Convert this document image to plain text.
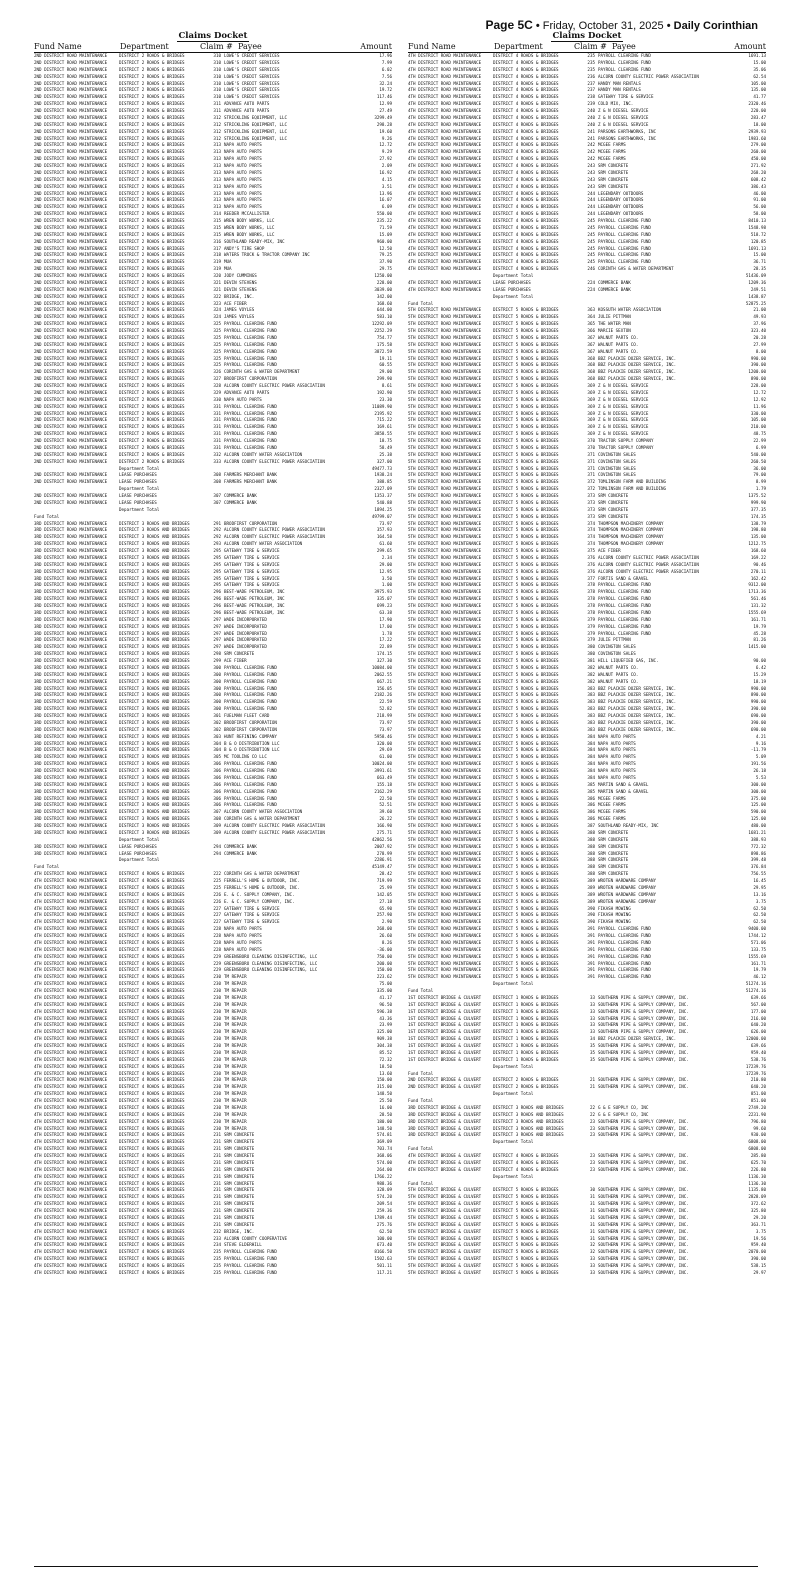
Page 5C • Friday, October 31, 2025 • Daily Corinthian
Claims Docket
Fund Name	Department	Claim # Payee	Amount
2ND DISTRICT ROAD MAINTENANCE	DISTRICT 2 ROADS & BRIDGES	310 LOWE'S CREDIT SERVICES	17.96
2ND DISTRICT ROAD MAINTENANCE	DISTRICT 2 ROADS & BRIDGES	310 LOWE'S CREDIT SERVICES	7.99
2ND DISTRICT ROAD MAINTENANCE	DISTRICT 2 ROADS & BRIDGES	310 LOWE'S CREDIT SERVICES	6.02
2ND DISTRICT ROAD MAINTENANCE	DISTRICT 2 ROADS & BRIDGES	310 LOWE'S CREDIT SERVICES	7.56
2ND DISTRICT ROAD MAINTENANCE	DISTRICT 2 ROADS & BRIDGES	310 LOWE'S CREDIT SERVICES	32.24
2ND DISTRICT ROAD MAINTENANCE	DISTRICT 2 ROADS & BRIDGES	310 LOWE'S CREDIT SERVICES	19.72
2ND DISTRICT ROAD MAINTENANCE	DISTRICT 2 ROADS & BRIDGES	310 LOWE'S CREDIT SERVICES	117.46
2ND DISTRICT ROAD MAINTENANCE	DISTRICT 2 ROADS & BRIDGES	311 ADVANCE AUTO PARTS	12.99
2ND DISTRICT ROAD MAINTENANCE	DISTRICT 2 ROADS & BRIDGES	311 ADVANCE AUTO PARTS	27.49
2ND DISTRICT ROAD MAINTENANCE	DISTRICT 2 ROADS & BRIDGES	312 STRICKLING EQUIPMENT, LLC	3299.49
2ND DISTRICT ROAD MAINTENANCE	DISTRICT 2 ROADS & BRIDGES	312 STRICKLING EQUIPMENT, LLC	298.28
2ND DISTRICT ROAD MAINTENANCE	DISTRICT 2 ROADS & BRIDGES	312 STRICKLING EQUIPMENT, LLC	19.60
2ND DISTRICT ROAD MAINTENANCE	DISTRICT 2 ROADS & BRIDGES	312 STRICKLING EQUIPMENT, LLC	9.26
2ND DISTRICT ROAD MAINTENANCE	DISTRICT 2 ROADS & BRIDGES	313 NAPA AUTO PARTS	12.72
2ND DISTRICT ROAD MAINTENANCE	DISTRICT 2 ROADS & BRIDGES	313 NAPA AUTO PARTS	9.29
2ND DISTRICT ROAD MAINTENANCE	DISTRICT 2 ROADS & BRIDGES	313 NAPA AUTO PARTS	27.92
2ND DISTRICT ROAD MAINTENANCE	DISTRICT 2 ROADS & BRIDGES	313 NAPA AUTO PARTS	2.09
2ND DISTRICT ROAD MAINTENANCE	DISTRICT 2 ROADS & BRIDGES	313 NAPA AUTO PARTS	16.92
2ND DISTRICT ROAD MAINTENANCE	DISTRICT 2 ROADS & BRIDGES	313 NAPA AUTO PARTS	4.15
2ND DISTRICT ROAD MAINTENANCE	DISTRICT 2 ROADS & BRIDGES	313 NAPA AUTO PARTS	3.51
2ND DISTRICT ROAD MAINTENANCE	DISTRICT 2 ROADS & BRIDGES	313 NAPA AUTO PARTS	13.96
2ND DISTRICT ROAD MAINTENANCE	DISTRICT 2 ROADS & BRIDGES	313 NAPA AUTO PARTS	16.07
2ND DISTRICT ROAD MAINTENANCE	DISTRICT 2 ROADS & BRIDGES	313 NAPA AUTO PARTS	6.09
2ND DISTRICT ROAD MAINTENANCE	DISTRICT 2 ROADS & BRIDGES	314 REEDER MCCALLISTER	550.00
2ND DISTRICT ROAD MAINTENANCE	DISTRICT 2 ROADS & BRIDGES	315 WREN BODY WORKS, LLC	235.22
2ND DISTRICT ROAD MAINTENANCE	DISTRICT 2 ROADS & BRIDGES	315 WREN BODY WORKS, LLC	71.59
2ND DISTRICT ROAD MAINTENANCE	DISTRICT 2 ROADS & BRIDGES	315 WREN BODY WORKS, LLC	15.09
2ND DISTRICT ROAD MAINTENANCE	DISTRICT 2 ROADS & BRIDGES	316 SOUTHLAND READY-MIX, INC	960.00
2ND DISTRICT ROAD MAINTENANCE	DISTRICT 2 ROADS & BRIDGES	317 ANDY'S TIRE SHOP	12.50
2ND DISTRICT ROAD MAINTENANCE	DISTRICT 2 ROADS & BRIDGES	318 WATERS TRUCK & TRACTOR COMPANY INC	79.25
2ND DISTRICT ROAD MAINTENANCE	DISTRICT 2 ROADS & BRIDGES	319 MUA	37.90
2ND DISTRICT ROAD MAINTENANCE	DISTRICT 2 ROADS & BRIDGES	319 MUA	29.75
2ND DISTRICT ROAD MAINTENANCE	DISTRICT 2 ROADS & BRIDGES	320 JODY CUMMINGS	1250.00
2ND DISTRICT ROAD MAINTENANCE	DISTRICT 2 ROADS & BRIDGES	321 DEVIN STEVENS	228.00
2ND DISTRICT ROAD MAINTENANCE	DISTRICT 2 ROADS & BRIDGES	321 DEVIN STEVENS	3039.00
2ND DISTRICT ROAD MAINTENANCE	DISTRICT 2 ROADS & BRIDGES	322 BRIDGE, INC.	342.00
2ND DISTRICT ROAD MAINTENANCE	DISTRICT 2 ROADS & BRIDGES	323 ACE FIBER	168.60
2ND DISTRICT ROAD MAINTENANCE	DISTRICT 2 ROADS & BRIDGES	324 JAMES VOYLES	644.00
2ND DISTRICT ROAD MAINTENANCE	DISTRICT 2 ROADS & BRIDGES	324 JAMES VOYLES	583.10
2ND DISTRICT ROAD MAINTENANCE	DISTRICT 2 ROADS & BRIDGES	325 PAYROLL CLEARING FUND	12292.09
2ND DISTRICT ROAD MAINTENANCE	DISTRICT 2 ROADS & BRIDGES	325 PAYROLL CLEARING FUND	2252.29
2ND DISTRICT ROAD MAINTENANCE	DISTRICT 2 ROADS & BRIDGES	325 PAYROLL CLEARING FUND	754.77
2ND DISTRICT ROAD MAINTENANCE	DISTRICT 2 ROADS & BRIDGES	325 PAYROLL CLEARING FUND	175.58
2ND DISTRICT ROAD MAINTENANCE	DISTRICT 2 ROADS & BRIDGES	325 PAYROLL CLEARING FUND	3872.59
2ND DISTRICT ROAD MAINTENANCE	DISTRICT 2 ROADS & BRIDGES	325 PAYROLL CLEARING FUND	19.11
2ND DISTRICT ROAD MAINTENANCE	DISTRICT 2 ROADS & BRIDGES	325 PAYROLL CLEARING FUND	60.55
2ND DISTRICT ROAD MAINTENANCE	DISTRICT 2 ROADS & BRIDGES	326 CORINTH GAS & WATER DEPARTMENT	29.00
2ND DISTRICT ROAD MAINTENANCE	DISTRICT 2 ROADS & BRIDGES	327 BRODFIRST CORPORATION	299.90
2ND DISTRICT ROAD MAINTENANCE	DISTRICT 2 ROADS & BRIDGES	328 ALCORN COUNTY ELECTRIC POWER ASSOCIATION	8.61
2ND DISTRICT ROAD MAINTENANCE	DISTRICT 2 ROADS & BRIDGES	329 ADVANCE AUTO PARTS	192.90
2ND DISTRICT ROAD MAINTENANCE	DISTRICT 2 ROADS & BRIDGES	330 NAPA AUTO PARTS	23.30
2ND DISTRICT ROAD MAINTENANCE	DISTRICT 2 ROADS & BRIDGES	331 PAYROLL CLEARING FUND	11089.90
2ND DISTRICT ROAD MAINTENANCE	DISTRICT 2 ROADS & BRIDGES	331 PAYROLL CLEARING FUND	2195.92
2ND DISTRICT ROAD MAINTENANCE	DISTRICT 2 ROADS & BRIDGES	331 PAYROLL CLEARING FUND	715.22
2ND DISTRICT ROAD MAINTENANCE	DISTRICT 2 ROADS & BRIDGES	331 PAYROLL CLEARING FUND	169.61
2ND DISTRICT ROAD MAINTENANCE	DISTRICT 2 ROADS & BRIDGES	331 PAYROLL CLEARING FUND	3858.55
2ND DISTRICT ROAD MAINTENANCE	DISTRICT 2 ROADS & BRIDGES	331 PAYROLL CLEARING FUND	18.75
2ND DISTRICT ROAD MAINTENANCE	DISTRICT 2 ROADS & BRIDGES	331 PAYROLL CLEARING FUND	58.49
2ND DISTRICT ROAD MAINTENANCE	DISTRICT 2 ROADS & BRIDGES	332 ALCORN COUNTY WATER ASSOCIATION	25.38
2ND DISTRICT ROAD MAINTENANCE	DISTRICT 2 ROADS & BRIDGES	333 ALCORN COUNTY ELECTRIC POWER ASSOCIATION	327.00
Department Total	49477.73
2ND DISTRICT ROAD MAINTENANCE	LEASE PURCHASES	308 FARMERS MERCHANT BANK	1938.24
2ND DISTRICT ROAD MAINTENANCE	LEASE PURCHASES	308 FARMERS MERCHANT BANK	388.85
Department Total	2327.09
2ND DISTRICT ROAD MAINTENANCE	LEASE PURCHASES	307 COMMERCE BANK	1353.37
2ND DISTRICT ROAD MAINTENANCE	LEASE PURCHASES	307 COMMERCE BANK	540.88
Department Total	1894.25
Fund Total	49799.07
3RD DISTRICT ROAD MAINTENANCE	DISTRICT 3 ROADS AND BRIDGES	291 BRODFIRST CORPORATION	73.97
3RD DISTRICT ROAD MAINTENANCE	DISTRICT 3 ROADS AND BRIDGES	292 ALCORN COUNTY ELECTRIC POWER ASSOCIATION	357.93
3RD DISTRICT ROAD MAINTENANCE	DISTRICT 3 ROADS AND BRIDGES	292 ALCORN COUNTY ELECTRIC POWER ASSOCIATION	164.58
3RD DISTRICT ROAD MAINTENANCE	DISTRICT 3 ROADS AND BRIDGES	293 ALCORN COUNTY WATER ASSOCIATION	61.60
3RD DISTRICT ROAD MAINTENANCE	DISTRICT 3 ROADS AND BRIDGES	295 GATEWAY TIRE & SERVICE	299.65
3RD DISTRICT ROAD MAINTENANCE	DISTRICT 3 ROADS AND BRIDGES	295 GATEWAY TIRE & SERVICE	2.34
3RD DISTRICT ROAD MAINTENANCE	DISTRICT 3 ROADS AND BRIDGES	295 GATEWAY TIRE & SERVICE	29.00
3RD DISTRICT ROAD MAINTENANCE	DISTRICT 3 ROADS AND BRIDGES	295 GATEWAY TIRE & SERVICE	12.95
3RD DISTRICT ROAD MAINTENANCE	DISTRICT 3 ROADS AND BRIDGES	295 GATEWAY TIRE & SERVICE	3.50
3RD DISTRICT ROAD MAINTENANCE	DISTRICT 3 ROADS AND BRIDGES	295 GATEWAY TIRE & SERVICE	1.00
3RD DISTRICT ROAD MAINTENANCE	DISTRICT 3 ROADS AND BRIDGES	296 BEST-WADE PETROLEUM, INC	3975.93
3RD DISTRICT ROAD MAINTENANCE	DISTRICT 3 ROADS AND BRIDGES	296 BEST-WADE PETROLEUM, INC	335.07
3RD DISTRICT ROAD MAINTENANCE	DISTRICT 3 ROADS AND BRIDGES	296 BEST-WADE PETROLEUM, INC	699.23
3RD DISTRICT ROAD MAINTENANCE	DISTRICT 3 ROADS AND BRIDGES	296 BEST-WADE PETROLEUM, INC	63.38
3RD DISTRICT ROAD MAINTENANCE	DISTRICT 3 ROADS AND BRIDGES	297 WADE INCORPORATED	17.90
3RD DISTRICT ROAD MAINTENANCE	DISTRICT 3 ROADS AND BRIDGES	297 WADE INCORPORATED	17.00
3RD DISTRICT ROAD MAINTENANCE	DISTRICT 3 ROADS AND BRIDGES	297 WADE INCORPORATED	1.78
3RD DISTRICT ROAD MAINTENANCE	DISTRICT 3 ROADS AND BRIDGES	297 WADE INCORPORATED	17.22
3RD DISTRICT ROAD MAINTENANCE	DISTRICT 3 ROADS AND BRIDGES	297 WADE INCORPORATED	22.89
3RD DISTRICT ROAD MAINTENANCE	DISTRICT 3 ROADS AND BRIDGES	298 SRM CONCRETE	174.15
3RD DISTRICT ROAD MAINTENANCE	DISTRICT 3 ROADS AND BRIDGES	299 ACE FIBER	327.30
3RD DISTRICT ROAD MAINTENANCE	DISTRICT 3 ROADS AND BRIDGES	300 PAYROLL CLEARING FUND	10084.00
3RD DISTRICT ROAD MAINTENANCE	DISTRICT 3 ROADS AND BRIDGES	300 PAYROLL CLEARING FUND	2062.55
3RD DISTRICT ROAD MAINTENANCE	DISTRICT 3 ROADS AND BRIDGES	300 PAYROLL CLEARING FUND	667.21
3RD DISTRICT ROAD MAINTENANCE	DISTRICT 3 ROADS AND BRIDGES	300 PAYROLL CLEARING FUND	156.05
3RD DISTRICT ROAD MAINTENANCE	DISTRICT 3 ROADS AND BRIDGES	300 PAYROLL CLEARING FUND	2182.26
3RD DISTRICT ROAD MAINTENANCE	DISTRICT 3 ROADS AND BRIDGES	300 PAYROLL CLEARING FUND	22.59
3RD DISTRICT ROAD MAINTENANCE	DISTRICT 3 ROADS AND BRIDGES	300 PAYROLL CLEARING FUND	52.82
3RD DISTRICT ROAD MAINTENANCE	DISTRICT 3 ROADS AND BRIDGES	301 FUELMAN FLEET CARD	218.99
3RD DISTRICT ROAD MAINTENANCE	DISTRICT 3 ROADS AND BRIDGES	302 BRODFIRST CORPORATION	73.97
3RD DISTRICT ROAD MAINTENANCE	DISTRICT 3 ROADS AND BRIDGES	302 BRODFIRST CORPORATION	73.97
3RD DISTRICT ROAD MAINTENANCE	DISTRICT 3 ROADS AND BRIDGES	303 HUNT REFINING COMPANY	5958.46
3RD DISTRICT ROAD MAINTENANCE	DISTRICT 3 ROADS AND BRIDGES	304 B & O DISTRIBUTION LLC	320.00
3RD DISTRICT ROAD MAINTENANCE	DISTRICT 3 ROADS AND BRIDGES	304 B & O DISTRIBUTION LLC	29.69
3RD DISTRICT ROAD MAINTENANCE	DISTRICT 3 ROADS AND BRIDGES	305 MC TOOLING CO LLC	61.00
3RD DISTRICT ROAD MAINTENANCE	DISTRICT 3 ROADS AND BRIDGES	306 PAYROLL CLEARING FUND	10024.00
3RD DISTRICT ROAD MAINTENANCE	DISTRICT 3 ROADS AND BRIDGES	306 PAYROLL CLEARING FUND	3991.61
3RD DISTRICT ROAD MAINTENANCE	DISTRICT 3 ROADS AND BRIDGES	306 PAYROLL CLEARING FUND	663.49
3RD DISTRICT ROAD MAINTENANCE	DISTRICT 3 ROADS AND BRIDGES	306 PAYROLL CLEARING FUND	155.18
3RD DISTRICT ROAD MAINTENANCE	DISTRICT 3 ROADS AND BRIDGES	306 PAYROLL CLEARING FUND	2162.29
3RD DISTRICT ROAD MAINTENANCE	DISTRICT 3 ROADS AND BRIDGES	306 PAYROLL CLEARING FUND	22.50
3RD DISTRICT ROAD MAINTENANCE	DISTRICT 3 ROADS AND BRIDGES	306 PAYROLL CLEARING FUND	52.51
3RD DISTRICT ROAD MAINTENANCE	DISTRICT 3 ROADS AND BRIDGES	307 ALCORN COUNTY WATER ASSOCIATION	39.60
3RD DISTRICT ROAD MAINTENANCE	DISTRICT 3 ROADS AND BRIDGES	308 CORINTH GAS & WATER DEPARTMENT	26.22
3RD DISTRICT ROAD MAINTENANCE	DISTRICT 3 ROADS AND BRIDGES	309 ALCORN COUNTY ELECTRIC POWER ASSOCIATION	166.90
3RD DISTRICT ROAD MAINTENANCE	DISTRICT 3 ROADS AND BRIDGES	309 ALCORN COUNTY ELECTRIC POWER ASSOCIATION	275.71
Department Total	42862.56
3RD DISTRICT ROAD MAINTENANCE	LEASE PURCHASES	294 COMMERCE BANK	2007.92
3RD DISTRICT ROAD MAINTENANCE	LEASE PURCHASES	294 COMMERCE BANK	278.99
Department Total	2286.91
Fund Total	45149.47
4TH DISTRICT ROAD MAINTENANCE	DISTRICT 4 ROADS & BRIDGES	222 CORINTH GAS & WATER DEPARTMENT	28.42
4TH DISTRICT ROAD MAINTENANCE	DISTRICT 4 ROADS & BRIDGES	225 FERRELL'S HOME & OUTDOOR, INC.	719.99
4TH DISTRICT ROAD MAINTENANCE	DISTRICT 4 ROADS & BRIDGES	225 FERRELL'S HOME & OUTDOOR, INC.	25.99
4TH DISTRICT ROAD MAINTENANCE	DISTRICT 4 ROADS & BRIDGES	226 E. & C. SUPPLY COMPANY, INC.	142.05
4TH DISTRICT ROAD MAINTENANCE	DISTRICT 4 ROADS & BRIDGES	226 E. & C. SUPPLY COMPANY, INC.	27.18
4TH DISTRICT ROAD MAINTENANCE	DISTRICT 4 ROADS & BRIDGES	227 GATEWAY TIRE & SERVICE	65.90
4TH DISTRICT ROAD MAINTENANCE	DISTRICT 4 ROADS & BRIDGES	227 GATEWAY TIRE & SERVICE	257.90
4TH DISTRICT ROAD MAINTENANCE	DISTRICT 4 ROADS & BRIDGES	227 GATEWAY TIRE & SERVICE	2.90
4TH DISTRICT ROAD MAINTENANCE	DISTRICT 4 ROADS & BRIDGES	228 NAPA AUTO PARTS	268.00
4TH DISTRICT ROAD MAINTENANCE	DISTRICT 4 ROADS & BRIDGES	228 NAPA AUTO PARTS	26.60
4TH DISTRICT ROAD MAINTENANCE	DISTRICT 4 ROADS & BRIDGES	228 NAPA AUTO PARTS	8.26
4TH DISTRICT ROAD MAINTENANCE	DISTRICT 4 ROADS & BRIDGES	228 NAPA AUTO PARTS	-36.00
4TH DISTRICT ROAD MAINTENANCE	DISTRICT 4 ROADS & BRIDGES	229 GREENSBORO CLEANING DISINFECTING, LLC	750.00
4TH DISTRICT ROAD MAINTENANCE	DISTRICT 4 ROADS & BRIDGES	229 GREENSBORO CLEANING DISINFECTING, LLC	200.00
4TH DISTRICT ROAD MAINTENANCE	DISTRICT 4 ROADS & BRIDGES	229 GREENSBORO CLEANING DISINFECTING, LLC	150.00
4TH DISTRICT ROAD MAINTENANCE	DISTRICT 4 ROADS & BRIDGES	230 TM REPAIR	223.62
4TH DISTRICT ROAD MAINTENANCE	DISTRICT 4 ROADS & BRIDGES	230 TM REPAIR	75.00
4TH DISTRICT ROAD MAINTENANCE	DISTRICT 4 ROADS & BRIDGES	230 TM REPAIR	335.00
4TH DISTRICT ROAD MAINTENANCE	DISTRICT 4 ROADS & BRIDGES	230 TM REPAIR	41.17
4TH DISTRICT ROAD MAINTENANCE	DISTRICT 4 ROADS & BRIDGES	230 TM REPAIR	96.50
4TH DISTRICT ROAD MAINTENANCE	DISTRICT 4 ROADS & BRIDGES	230 TM REPAIR	596.38
4TH DISTRICT ROAD MAINTENANCE	DISTRICT 4 ROADS & BRIDGES	230 TM REPAIR	43.36
4TH DISTRICT ROAD MAINTENANCE	DISTRICT 4 ROADS & BRIDGES	230 TM REPAIR	23.99
4TH DISTRICT ROAD MAINTENANCE	DISTRICT 4 ROADS & BRIDGES	230 TM REPAIR	325.00
4TH DISTRICT ROAD MAINTENANCE	DISTRICT 4 ROADS & BRIDGES	230 TM REPAIR	909.38
4TH DISTRICT ROAD MAINTENANCE	DISTRICT 4 ROADS & BRIDGES	230 TM REPAIR	304.38
4TH DISTRICT ROAD MAINTENANCE	DISTRICT 4 ROADS & BRIDGES	230 TM REPAIR	85.52
4TH DISTRICT ROAD MAINTENANCE	DISTRICT 4 ROADS & BRIDGES	230 TM REPAIR	72.32
4TH DISTRICT ROAD MAINTENANCE	DISTRICT 4 ROADS & BRIDGES	230 TM REPAIR	18.50
4TH DISTRICT ROAD MAINTENANCE	DISTRICT 4 ROADS & BRIDGES	230 TM REPAIR	13.60
4TH DISTRICT ROAD MAINTENANCE	DISTRICT 4 ROADS & BRIDGES	230 TM REPAIR	150.00
4TH DISTRICT ROAD MAINTENANCE	DISTRICT 4 ROADS & BRIDGES	230 TM REPAIR	315.00
4TH DISTRICT ROAD MAINTENANCE	DISTRICT 4 ROADS & BRIDGES	230 TM REPAIR	148.50
4TH DISTRICT ROAD MAINTENANCE	DISTRICT 4 ROADS & BRIDGES	230 TM REPAIR	25.50
4TH DISTRICT ROAD MAINTENANCE	DISTRICT 4 ROADS & BRIDGES	230 TM REPAIR	16.00
4TH DISTRICT ROAD MAINTENANCE	DISTRICT 4 ROADS & BRIDGES	230 TM REPAIR	28.50
4TH DISTRICT ROAD MAINTENANCE	DISTRICT 4 ROADS & BRIDGES	230 TM REPAIR	180.00
4TH DISTRICT ROAD MAINTENANCE	DISTRICT 4 ROADS & BRIDGES	230 TM REPAIR	148.50
4TH DISTRICT ROAD MAINTENANCE	DISTRICT 4 ROADS & BRIDGES	231 SRM CONCRETE	574.81
4TH DISTRICT ROAD MAINTENANCE	DISTRICT 4 ROADS & BRIDGES	231 SRM CONCRETE	369.09
4TH DISTRICT ROAD MAINTENANCE	DISTRICT 4 ROADS & BRIDGES	231 SRM CONCRETE	703.74
4TH DISTRICT ROAD MAINTENANCE	DISTRICT 4 ROADS & BRIDGES	231 SRM CONCRETE	368.06
4TH DISTRICT ROAD MAINTENANCE	DISTRICT 4 ROADS & BRIDGES	231 SRM CONCRETE	574.00
4TH DISTRICT ROAD MAINTENANCE	DISTRICT 4 ROADS & BRIDGES	231 SRM CONCRETE	264.00
4TH DISTRICT ROAD MAINTENANCE	DISTRICT 4 ROADS & BRIDGES	231 SRM CONCRETE	1766.22
4TH DISTRICT ROAD MAINTENANCE	DISTRICT 4 ROADS & BRIDGES	231 SRM CONCRETE	988.36
4TH DISTRICT ROAD MAINTENANCE	DISTRICT 4 ROADS & BRIDGES	231 SRM CONCRETE	328.09
4TH DISTRICT ROAD MAINTENANCE	DISTRICT 4 ROADS & BRIDGES	231 SRM CONCRETE	574.20
4TH DISTRICT ROAD MAINTENANCE	DISTRICT 4 ROADS & BRIDGES	231 SRM CONCRETE	209.54
4TH DISTRICT ROAD MAINTENANCE	DISTRICT 4 ROADS & BRIDGES	231 SRM CONCRETE	259.36
4TH DISTRICT ROAD MAINTENANCE	DISTRICT 4 ROADS & BRIDGES	231 SRM CONCRETE	1789.44
4TH DISTRICT ROAD MAINTENANCE	DISTRICT 4 ROADS & BRIDGES	231 SRM CONCRETE	275.76
4TH DISTRICT ROAD MAINTENANCE	DISTRICT 4 ROADS & BRIDGES	232 BRIDGE, INC.	62.50
4TH DISTRICT ROAD MAINTENANCE	DISTRICT 4 ROADS & BRIDGES	233 ALCORN COUNTY COOPERATIVE	100.00
4TH DISTRICT ROAD MAINTENANCE	DISTRICT 4 ROADS & BRIDGES	234 STEVE ELDERHILL	673.40
4TH DISTRICT ROAD MAINTENANCE	DISTRICT 4 ROADS & BRIDGES	235 PAYROLL CLEARING FUND	8166.50
4TH DISTRICT ROAD MAINTENANCE	DISTRICT 4 ROADS & BRIDGES	235 PAYROLL CLEARING FUND	1502.63
4TH DISTRICT ROAD MAINTENANCE	DISTRICT 4 ROADS & BRIDGES	235 PAYROLL CLEARING FUND	501.11
4TH DISTRICT ROAD MAINTENANCE	DISTRICT 4 ROADS & BRIDGES	235 PAYROLL CLEARING FUND	117.21
Claims Docket
Fund Name	Department	Claim # Payee	Amount
4TH DISTRICT ROAD MAINTENANCE	DISTRICT 4 ROADS & BRIDGES	235 PAYROLL CLEARING FUND	1691.13
4TH DISTRICT ROAD MAINTENANCE	DISTRICT 4 ROADS & BRIDGES	235 PAYROLL CLEARING FUND	15.00
4TH DISTRICT ROAD MAINTENANCE	DISTRICT 4 ROADS & BRIDGES	235 PAYROLL CLEARING FUND	35.06
4TH DISTRICT ROAD MAINTENANCE	DISTRICT 4 ROADS & BRIDGES	236 ALCORN COUNTY ELECTRIC POWER ASSOCIATION	62.54
4TH DISTRICT ROAD MAINTENANCE	DISTRICT 4 ROADS & BRIDGES	237 HANDY MAN RENTALS	105.00
4TH DISTRICT ROAD MAINTENANCE	DISTRICT 4 ROADS & BRIDGES	237 HANDY MAN RENTALS	135.00
4TH DISTRICT ROAD MAINTENANCE	DISTRICT 4 ROADS & BRIDGES	238 GATEWAY TIRE & SERVICE	41.77
4TH DISTRICT ROAD MAINTENANCE	DISTRICT 4 ROADS & BRIDGES	239 COLD MIX, INC.	2320.46
4TH DISTRICT ROAD MAINTENANCE	DISTRICT 4 ROADS & BRIDGES	240 Z & N DIESEL SERVICE	220.00
4TH DISTRICT ROAD MAINTENANCE	DISTRICT 4 ROADS & BRIDGES	240 Z & N DIESEL SERVICE	283.47
4TH DISTRICT ROAD MAINTENANCE	DISTRICT 4 ROADS & BRIDGES	240 Z & N DIESEL SERVICE	18.00
4TH DISTRICT ROAD MAINTENANCE	DISTRICT 4 ROADS & BRIDGES	241 PARSONS EARTHWORKS, INC	2939.93
4TH DISTRICT ROAD MAINTENANCE	DISTRICT 4 ROADS & BRIDGES	241 PARSONS EARTHWORKS, INC	1983.60
4TH DISTRICT ROAD MAINTENANCE	DISTRICT 4 ROADS & BRIDGES	242 MCGEE FARMS	279.00
4TH DISTRICT ROAD MAINTENANCE	DISTRICT 4 ROADS & BRIDGES	242 MCGEE FARMS	260.00
4TH DISTRICT ROAD MAINTENANCE	DISTRICT 4 ROADS & BRIDGES	242 MCGEE FARMS	450.00
4TH DISTRICT ROAD MAINTENANCE	DISTRICT 4 ROADS & BRIDGES	243 SRM CONCRETE	271.92
4TH DISTRICT ROAD MAINTENANCE	DISTRICT 4 ROADS & BRIDGES	243 SRM CONCRETE	268.20
4TH DISTRICT ROAD MAINTENANCE	DISTRICT 4 ROADS & BRIDGES	243 SRM CONCRETE	608.42
4TH DISTRICT ROAD MAINTENANCE	DISTRICT 4 ROADS & BRIDGES	243 SRM CONCRETE	386.43
4TH DISTRICT ROAD MAINTENANCE	DISTRICT 4 ROADS & BRIDGES	244 LEGENDARY OUTDOORS	46.00
4TH DISTRICT ROAD MAINTENANCE	DISTRICT 4 ROADS & BRIDGES	244 LEGENDARY OUTDOORS	91.00
4TH DISTRICT ROAD MAINTENANCE	DISTRICT 4 ROADS & BRIDGES	244 LEGENDARY OUTDOORS	56.00
4TH DISTRICT ROAD MAINTENANCE	DISTRICT 4 ROADS & BRIDGES	244 LEGENDARY OUTDOORS	58.00
4TH DISTRICT ROAD MAINTENANCE	DISTRICT 4 ROADS & BRIDGES	245 PAYROLL CLEARING FUND	8410.13
4TH DISTRICT ROAD MAINTENANCE	DISTRICT 4 ROADS & BRIDGES	245 PAYROLL CLEARING FUND	1548.98
4TH DISTRICT ROAD MAINTENANCE	DISTRICT 4 ROADS & BRIDGES	245 PAYROLL CLEARING FUND	518.72
4TH DISTRICT ROAD MAINTENANCE	DISTRICT 4 ROADS & BRIDGES	245 PAYROLL CLEARING FUND	120.85
4TH DISTRICT ROAD MAINTENANCE	DISTRICT 4 ROADS & BRIDGES	245 PAYROLL CLEARING FUND	1691.13
4TH DISTRICT ROAD MAINTENANCE	DISTRICT 4 ROADS & BRIDGES	245 PAYROLL CLEARING FUND	15.00
4TH DISTRICT ROAD MAINTENANCE	DISTRICT 4 ROADS & BRIDGES	245 PAYROLL CLEARING FUND	36.71
4TH DISTRICT ROAD MAINTENANCE	DISTRICT 4 ROADS & BRIDGES	246 CORINTH GAS & WATER DEPARTMENT	28.35
Department Total	51436.09
4TH DISTRICT ROAD MAINTENANCE	LEASE PURCHASES	224 COMMERCE BANK	1209.36
4TH DISTRICT ROAD MAINTENANCE	LEASE PURCHASES	224 COMMERCE BANK	249.51
Department Total	1438.87
Fund Total	52875.25
5TH DISTRICT ROAD MAINTENANCE	DISTRICT 5 ROADS & BRIDGES	363 KOSSUTH WATER ASSOCIATION	21.00
5TH DISTRICT ROAD MAINTENANCE	DISTRICT 5 ROADS & BRIDGES	364 JULIE PITTMAN	49.93
5TH DISTRICT ROAD MAINTENANCE	DISTRICT 5 ROADS & BRIDGES	365 THE WATER MAN	37.96
5TH DISTRICT ROAD MAINTENANCE	DISTRICT 5 ROADS & BRIDGES	366 MARCIE SEXTON	323.40
5TH DISTRICT ROAD MAINTENANCE	DISTRICT 5 ROADS & BRIDGES	367 WALNUT PARTS CO.	20.28
5TH DISTRICT ROAD MAINTENANCE	DISTRICT 5 ROADS & BRIDGES	367 WALNUT PARTS CO.	27.99
5TH DISTRICT ROAD MAINTENANCE	DISTRICT 5 ROADS & BRIDGES	367 WALNUT PARTS CO.	8.00
5TH DISTRICT ROAD MAINTENANCE	DISTRICT 5 ROADS & BRIDGES	368 BBZ PLACKIE DOZER SERVICE, INC.	990.00
5TH DISTRICT ROAD MAINTENANCE	DISTRICT 5 ROADS & BRIDGES	368 BBZ PLACKIE DOZER SERVICE, INC.	390.00
5TH DISTRICT ROAD MAINTENANCE	DISTRICT 5 ROADS & BRIDGES	368 BBZ PLACKIE DOZER SERVICE, INC.	1200.00
5TH DISTRICT ROAD MAINTENANCE	DISTRICT 5 ROADS & BRIDGES	368 BBZ PLACKIE DOZER SERVICE, INC.	890.00
5TH DISTRICT ROAD MAINTENANCE	DISTRICT 5 ROADS & BRIDGES	369 Z & N DIESEL SERVICE	228.00
5TH DISTRICT ROAD MAINTENANCE	DISTRICT 5 ROADS & BRIDGES	369 Z & N DIESEL SERVICE	12.72
5TH DISTRICT ROAD MAINTENANCE	DISTRICT 5 ROADS & BRIDGES	369 Z & N DIESEL SERVICE	12.92
5TH DISTRICT ROAD MAINTENANCE	DISTRICT 5 ROADS & BRIDGES	369 Z & N DIESEL SERVICE	11.96
5TH DISTRICT ROAD MAINTENANCE	DISTRICT 5 ROADS & BRIDGES	369 Z & N DIESEL SERVICE	330.00
5TH DISTRICT ROAD MAINTENANCE	DISTRICT 5 ROADS & BRIDGES	369 Z & N DIESEL SERVICE	105.00
5TH DISTRICT ROAD MAINTENANCE	DISTRICT 5 ROADS & BRIDGES	369 Z & N DIESEL SERVICE	210.00
5TH DISTRICT ROAD MAINTENANCE	DISTRICT 5 ROADS & BRIDGES	369 Z & N DIESEL SERVICE	48.75
5TH DISTRICT ROAD MAINTENANCE	DISTRICT 5 ROADS & BRIDGES	370 TRACTOR SUPPLY COMPANY	22.99
5TH DISTRICT ROAD MAINTENANCE	DISTRICT 5 ROADS & BRIDGES	370 TRACTOR SUPPLY COMPANY	6.99
5TH DISTRICT ROAD MAINTENANCE	DISTRICT 5 ROADS & BRIDGES	371 COVINGTON SALES	540.00
5TH DISTRICT ROAD MAINTENANCE	DISTRICT 5 ROADS & BRIDGES	371 COVINGTON SALES	260.50
5TH DISTRICT ROAD MAINTENANCE	DISTRICT 5 ROADS & BRIDGES	371 COVINGTON SALES	36.00
5TH DISTRICT ROAD MAINTENANCE	DISTRICT 5 ROADS & BRIDGES	371 COVINGTON SALES	79.00
5TH DISTRICT ROAD MAINTENANCE	DISTRICT 5 ROADS & BRIDGES	372 TOMLINSON FARM AND BUILDING	8.99
5TH DISTRICT ROAD MAINTENANCE	DISTRICT 5 ROADS & BRIDGES	372 TOMLINSON FARM AND BUILDING	1.79
5TH DISTRICT ROAD MAINTENANCE	DISTRICT 5 ROADS & BRIDGES	373 SRM CONCRETE	1375.52
5TH DISTRICT ROAD MAINTENANCE	DISTRICT 5 ROADS & BRIDGES	373 SRM CONCRETE	999.90
5TH DISTRICT ROAD MAINTENANCE	DISTRICT 5 ROADS & BRIDGES	373 SRM CONCRETE	377.35
5TH DISTRICT ROAD MAINTENANCE	DISTRICT 5 ROADS & BRIDGES	373 SRM CONCRETE	174.35
5TH DISTRICT ROAD MAINTENANCE	DISTRICT 5 ROADS & BRIDGES	374 THOMPSON MACHINERY COMPANY	138.79
5TH DISTRICT ROAD MAINTENANCE	DISTRICT 5 ROADS & BRIDGES	374 THOMPSON MACHINERY COMPANY	198.80
5TH DISTRICT ROAD MAINTENANCE	DISTRICT 5 ROADS & BRIDGES	374 THOMPSON MACHINERY COMPANY	135.00
5TH DISTRICT ROAD MAINTENANCE	DISTRICT 5 ROADS & BRIDGES	374 THOMPSON MACHINERY COMPANY	1212.75
5TH DISTRICT ROAD MAINTENANCE	DISTRICT 5 ROADS & BRIDGES	375 ACE FIBER	168.60
5TH DISTRICT ROAD MAINTENANCE	DISTRICT 5 ROADS & BRIDGES	376 ALCORN COUNTY ELECTRIC POWER ASSOCIATION	169.22
5TH DISTRICT ROAD MAINTENANCE	DISTRICT 5 ROADS & BRIDGES	376 ALCORN COUNTY ELECTRIC POWER ASSOCIATION	90.46
5TH DISTRICT ROAD MAINTENANCE	DISTRICT 5 ROADS & BRIDGES	376 ALCORN COUNTY ELECTRIC POWER ASSOCIATION	270.11
5TH DISTRICT ROAD MAINTENANCE	DISTRICT 5 ROADS & BRIDGES	377 FORTIS SAND & GRAVEL	162.42
5TH DISTRICT ROAD MAINTENANCE	DISTRICT 5 ROADS & BRIDGES	378 PAYROLL CLEARING FUND	9312.00
5TH DISTRICT ROAD MAINTENANCE	DISTRICT 5 ROADS & BRIDGES	378 PAYROLL CLEARING FUND	1713.36
5TH DISTRICT ROAD MAINTENANCE	DISTRICT 5 ROADS & BRIDGES	378 PAYROLL CLEARING FUND	561.46
5TH DISTRICT ROAD MAINTENANCE	DISTRICT 5 ROADS & BRIDGES	378 PAYROLL CLEARING FUND	131.32
5TH DISTRICT ROAD MAINTENANCE	DISTRICT 5 ROADS & BRIDGES	378 PAYROLL CLEARING FUND	1555.69
5TH DISTRICT ROAD MAINTENANCE	DISTRICT 5 ROADS & BRIDGES	379 PAYROLL CLEARING FUND	161.71
5TH DISTRICT ROAD MAINTENANCE	DISTRICT 5 ROADS & BRIDGES	379 PAYROLL CLEARING FUND	19.79
5TH DISTRICT ROAD MAINTENANCE	DISTRICT 5 ROADS & BRIDGES	379 PAYROLL CLEARING FUND	45.28
5TH DISTRICT ROAD MAINTENANCE	DISTRICT 5 ROADS & BRIDGES	379 JULIE PITTMAN	81.26
5TH DISTRICT ROAD MAINTENANCE	DISTRICT 5 ROADS & BRIDGES	380 COVINGTON SALES	1415.00
5TH DISTRICT ROAD MAINTENANCE	DISTRICT 5 ROADS & BRIDGES	380 COVINGTON SALES
5TH DISTRICT ROAD MAINTENANCE	DISTRICT 5 ROADS & BRIDGES	381 HILL LIQUEFIED GAS, INC.	90.00
5TH DISTRICT ROAD MAINTENANCE	DISTRICT 5 ROADS & BRIDGES	382 WALNUT PARTS CO.	6.42
5TH DISTRICT ROAD MAINTENANCE	DISTRICT 5 ROADS & BRIDGES	382 WALNUT PARTS CO.	15.29
5TH DISTRICT ROAD MAINTENANCE	DISTRICT 5 ROADS & BRIDGES	382 WALNUT PARTS CO.	18.19
5TH DISTRICT ROAD MAINTENANCE	DISTRICT 5 ROADS & BRIDGES	383 BBZ PLACKIE DOZER SERVICE, INC.	990.00
5TH DISTRICT ROAD MAINTENANCE	DISTRICT 5 ROADS & BRIDGES	383 BBZ PLACKIE DOZER SERVICE, INC.	890.00
5TH DISTRICT ROAD MAINTENANCE	DISTRICT 5 ROADS & BRIDGES	383 BBZ PLACKIE DOZER SERVICE, INC.	990.00
5TH DISTRICT ROAD MAINTENANCE	DISTRICT 5 ROADS & BRIDGES	383 BBZ PLACKIE DOZER SERVICE, INC.	390.00
5TH DISTRICT ROAD MAINTENANCE	DISTRICT 5 ROADS & BRIDGES	383 BBZ PLACKIE DOZER SERVICE, INC.	690.00
5TH DISTRICT ROAD MAINTENANCE	DISTRICT 5 ROADS & BRIDGES	383 BBZ PLACKIE DOZER SERVICE, INC.	390.00
5TH DISTRICT ROAD MAINTENANCE	DISTRICT 5 ROADS & BRIDGES	383 BBZ PLACKIE DOZER SERVICE, INC.	690.00
5TH DISTRICT ROAD MAINTENANCE	DISTRICT 5 ROADS & BRIDGES	384 NAPA AUTO PARTS	4.21
5TH DISTRICT ROAD MAINTENANCE	DISTRICT 5 ROADS & BRIDGES	384 NAPA AUTO PARTS	9.16
5TH DISTRICT ROAD MAINTENANCE	DISTRICT 5 ROADS & BRIDGES	384 NAPA AUTO PARTS	-11.79
5TH DISTRICT ROAD MAINTENANCE	DISTRICT 5 ROADS & BRIDGES	384 NAPA AUTO PARTS	5.09
5TH DISTRICT ROAD MAINTENANCE	DISTRICT 5 ROADS & BRIDGES	384 NAPA AUTO PARTS	191.56
5TH DISTRICT ROAD MAINTENANCE	DISTRICT 5 ROADS & BRIDGES	384 NAPA AUTO PARTS	26.18
5TH DISTRICT ROAD MAINTENANCE	DISTRICT 5 ROADS & BRIDGES	384 NAPA AUTO PARTS	5.53
5TH DISTRICT ROAD MAINTENANCE	DISTRICT 5 ROADS & BRIDGES	385 MARTIN SAND & GRAVEL	300.00
5TH DISTRICT ROAD MAINTENANCE	DISTRICT 5 ROADS & BRIDGES	385 MARTIN SAND & GRAVEL	300.00
5TH DISTRICT ROAD MAINTENANCE	DISTRICT 5 ROADS & BRIDGES	386 MCGEE FARMS	375.00
5TH DISTRICT ROAD MAINTENANCE	DISTRICT 5 ROADS & BRIDGES	386 MCGEE FARMS	125.00
5TH DISTRICT ROAD MAINTENANCE	DISTRICT 5 ROADS & BRIDGES	386 MCGEE FARMS	590.00
5TH DISTRICT ROAD MAINTENANCE	DISTRICT 5 ROADS & BRIDGES	386 MCGEE FARMS	125.00
5TH DISTRICT ROAD MAINTENANCE	DISTRICT 5 ROADS & BRIDGES	387 SOUTHLAND READY-MIX, INC	480.00
5TH DISTRICT ROAD MAINTENANCE	DISTRICT 5 ROADS & BRIDGES	388 SRM CONCRETE	1681.21
5TH DISTRICT ROAD MAINTENANCE	DISTRICT 5 ROADS & BRIDGES	388 SRM CONCRETE	388.93
5TH DISTRICT ROAD MAINTENANCE	DISTRICT 5 ROADS & BRIDGES	388 SRM CONCRETE	772.32
5TH DISTRICT ROAD MAINTENANCE	DISTRICT 5 ROADS & BRIDGES	388 SRM CONCRETE	898.86
5TH DISTRICT ROAD MAINTENANCE	DISTRICT 5 ROADS & BRIDGES	388 SRM CONCRETE	399.48
5TH DISTRICT ROAD MAINTENANCE	DISTRICT 5 ROADS & BRIDGES	388 SRM CONCRETE	376.84
5TH DISTRICT ROAD MAINTENANCE	DISTRICT 5 ROADS & BRIDGES	388 SRM CONCRETE	756.55
5TH DISTRICT ROAD MAINTENANCE	DISTRICT 5 ROADS & BRIDGES	389 WROTEN HARDWARE COMPANY	16.45
5TH DISTRICT ROAD MAINTENANCE	DISTRICT 5 ROADS & BRIDGES	389 WROTEN HARDWARE COMPANY	29.95
5TH DISTRICT ROAD MAINTENANCE	DISTRICT 5 ROADS & BRIDGES	389 WROTEN HARDWARE COMPANY	13.16
5TH DISTRICT ROAD MAINTENANCE	DISTRICT 5 ROADS & BRIDGES	389 WROTEN HARDWARE COMPANY	3.75
5TH DISTRICT ROAD MAINTENANCE	DISTRICT 5 ROADS & BRIDGES	390 FIKASH MOWING	62.50
5TH DISTRICT ROAD MAINTENANCE	DISTRICT 5 ROADS & BRIDGES	390 FIKASH MOWING	62.50
5TH DISTRICT ROAD MAINTENANCE	DISTRICT 5 ROADS & BRIDGES	390 FIKASH MOWING	62.50
5TH DISTRICT ROAD MAINTENANCE	DISTRICT 5 ROADS & BRIDGES	391 PAYROLL CLEARING FUND	9400.00
5TH DISTRICT ROAD MAINTENANCE	DISTRICT 5 ROADS & BRIDGES	391 PAYROLL CLEARING FUND	1744.12
5TH DISTRICT ROAD MAINTENANCE	DISTRICT 5 ROADS & BRIDGES	391 PAYROLL CLEARING FUND	571.06
5TH DISTRICT ROAD MAINTENANCE	DISTRICT 5 ROADS & BRIDGES	391 PAYROLL CLEARING FUND	133.75
5TH DISTRICT ROAD MAINTENANCE	DISTRICT 5 ROADS & BRIDGES	391 PAYROLL CLEARING FUND	1555.69
5TH DISTRICT ROAD MAINTENANCE	DISTRICT 5 ROADS & BRIDGES	391 PAYROLL CLEARING FUND	161.71
5TH DISTRICT ROAD MAINTENANCE	DISTRICT 5 ROADS & BRIDGES	391 PAYROLL CLEARING FUND	19.79
5TH DISTRICT ROAD MAINTENANCE	DISTRICT 5 ROADS & BRIDGES	391 PAYROLL CLEARING FUND	46.12
Department Total	51274.16
Fund Total	51274.16
1ST DISTRICT BRIDGE & CULVERT	DISTRICT 1 ROADS & BRIDGES	33 SOUTHERN PIPE & SUPPLY COMPANY, INC.	639.66
1ST DISTRICT BRIDGE & CULVERT	DISTRICT 1 ROADS & BRIDGES	33 SOUTHERN PIPE & SUPPLY COMPANY, INC.	567.00
1ST DISTRICT BRIDGE & CULVERT	DISTRICT 1 ROADS & BRIDGES	33 SOUTHERN PIPE & SUPPLY COMPANY, INC.	177.00
1ST DISTRICT BRIDGE & CULVERT	DISTRICT 1 ROADS & BRIDGES	33 SOUTHERN PIPE & SUPPLY COMPANY, INC.	216.00
1ST DISTRICT BRIDGE & CULVERT	DISTRICT 1 ROADS & BRIDGES	33 SOUTHERN PIPE & SUPPLY COMPANY, INC.	640.20
1ST DISTRICT BRIDGE & CULVERT	DISTRICT 1 ROADS & BRIDGES	33 SOUTHERN PIPE & SUPPLY COMPANY, INC.	626.00
1ST DISTRICT BRIDGE & CULVERT	DISTRICT 1 ROADS & BRIDGES	34 BBZ PLACKIE DOZER SERVICE, INC.	12000.00
1ST DISTRICT BRIDGE & CULVERT	DISTRICT 1 ROADS & BRIDGES	35 SOUTHERN PIPE & SUPPLY COMPANY, INC.	639.66
1ST DISTRICT BRIDGE & CULVERT	DISTRICT 1 ROADS & BRIDGES	35 SOUTHERN PIPE & SUPPLY COMPANY, INC.	959.40
1ST DISTRICT BRIDGE & CULVERT	DISTRICT 1 ROADS & BRIDGES	35 SOUTHERN PIPE & SUPPLY COMPANY, INC.	538.76
Department Total	17239.76
Fund Total	17239.76
2ND DISTRICT BRIDGE & CULVERT	DISTRICT 2 ROADS & BRIDGES	21 SOUTHERN PIPE & SUPPLY COMPANY, INC.	210.80
2ND DISTRICT BRIDGE & CULVERT	DISTRICT 2 ROADS & BRIDGES	21 SOUTHERN PIPE & SUPPLY COMPANY, INC.	640.20
Department Total	851.00
Fund Total	851.00
3RD DISTRICT BRIDGE & CULVERT	DISTRICT 3 ROADS AND BRIDGES	22 G & E SUPPLY CO, INC	2749.20
3RD DISTRICT BRIDGE & CULVERT	DISTRICT 3 ROADS AND BRIDGES	22 G & E SUPPLY CO, INC	2231.90
3RD DISTRICT BRIDGE & CULVERT	DISTRICT 3 ROADS AND BRIDGES	23 SOUTHERN PIPE & SUPPLY COMPANY, INC.	796.80
3RD DISTRICT BRIDGE & CULVERT	DISTRICT 3 ROADS AND BRIDGES	23 SOUTHERN PIPE & SUPPLY COMPANY, INC.	99.60
3RD DISTRICT BRIDGE & CULVERT	DISTRICT 3 ROADS AND BRIDGES	23 SOUTHERN PIPE & SUPPLY COMPANY, INC.	930.00
Department Total	6808.00
Fund Total	6808.00
4TH DISTRICT BRIDGE & CULVERT	DISTRICT 4 ROADS & BRIDGES	23 SOUTHERN PIPE & SUPPLY COMPANY, INC.	285.80
4TH DISTRICT BRIDGE & CULVERT	DISTRICT 4 ROADS & BRIDGES	23 SOUTHERN PIPE & SUPPLY COMPANY, INC.	625.70
4TH DISTRICT BRIDGE & CULVERT	DISTRICT 4 ROADS & BRIDGES	23 SOUTHERN PIPE & SUPPLY COMPANY, INC.	226.80
Department Total	1136.30
Fund Total	1136.30
5TH DISTRICT BRIDGE & CULVERT	DISTRICT 5 ROADS & BRIDGES	30 SOUTHERN PIPE & SUPPLY COMPANY, INC.	1135.80
5TH DISTRICT BRIDGE & CULVERT	DISTRICT 5 ROADS & BRIDGES	31 SOUTHERN PIPE & SUPPLY COMPANY, INC.	2828.09
5TH DISTRICT BRIDGE & CULVERT	DISTRICT 5 ROADS & BRIDGES	31 SOUTHERN PIPE & SUPPLY COMPANY, INC.	372.62
5TH DISTRICT BRIDGE & CULVERT	DISTRICT 5 ROADS & BRIDGES	31 SOUTHERN PIPE & SUPPLY COMPANY, INC.	325.80
5TH DISTRICT BRIDGE & CULVERT	DISTRICT 5 ROADS & BRIDGES	31 SOUTHERN PIPE & SUPPLY COMPANY, INC.	29.20
5TH DISTRICT BRIDGE & CULVERT	DISTRICT 5 ROADS & BRIDGES	31 SOUTHERN PIPE & SUPPLY COMPANY, INC.	363.71
5TH DISTRICT BRIDGE & CULVERT	DISTRICT 5 ROADS & BRIDGES	31 SOUTHERN PIPE & SUPPLY COMPANY, INC.	3.75
5TH DISTRICT BRIDGE & CULVERT	DISTRICT 5 ROADS & BRIDGES	31 SOUTHERN PIPE & SUPPLY COMPANY, INC.	19.56
5TH DISTRICT BRIDGE & CULVERT	DISTRICT 5 ROADS & BRIDGES	32 SOUTHERN PIPE & SUPPLY COMPANY, INC.	959.40
5TH DISTRICT BRIDGE & CULVERT	DISTRICT 5 ROADS & BRIDGES	32 SOUTHERN PIPE & SUPPLY COMPANY, INC.	2070.00
5TH DISTRICT BRIDGE & CULVERT	DISTRICT 5 ROADS & BRIDGES	33 SOUTHERN PIPE & SUPPLY COMPANY, INC.	390.00
5TH DISTRICT BRIDGE & CULVERT	DISTRICT 5 ROADS & BRIDGES	33 SOUTHERN PIPE & SUPPLY COMPANY, INC.	538.15
5TH DISTRICT BRIDGE & CULVERT	DISTRICT 5 ROADS & BRIDGES	33 SOUTHERN PIPE & SUPPLY COMPANY, INC.	29.97
